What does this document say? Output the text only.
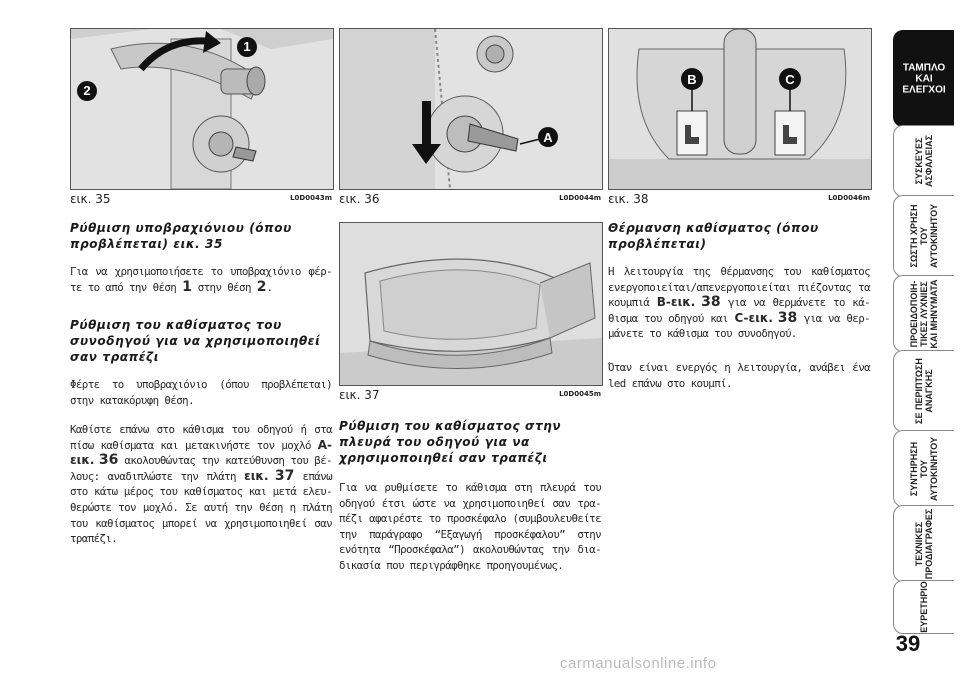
1
2
εικ. 35	L0D0043m
A
εικ. 36	L0D0044m
εικ. 37	L0D0045m
B	C
εικ. 38	L0D0046m

Ρύθμιση υποβραχιόνιου (όπου προβλέπεται) εικ. 35

Για να χρησιμοποιήσετε το υποβραχιόνιο φέρ-τε το από την θέση 1 στην θέση 2.

Ρύθμιση του καθίσματος του συνοδηγού για να χρησιμοποιηθεί σαν τραπέζι

Φέρτε το υποβραχιόνιο (όπου προβλέπεται) στην κατακόρυφη θέση.

Καθίστε επάνω στο κάθισμα του οδηγού ή στα πίσω καθίσματα και μετακινήστε τον μοχλό A-εικ. 36 ακολουθώντας την κατεύθυνση του βέ-λους: αναδιπλώστε την πλάτη εικ. 37 επάνω στο κάτω μέρος του καθίσματος και μετά ελευ-θερώστε τον μοχλό. Σε αυτή την θέση η πλάτη του καθίσματος μπορεί να χρησιμοποιηθεί σαν τραπέζι.

Ρύθμιση του καθίσματος στην πλευρά του οδηγού για να χρησιμοποιηθεί σαν τραπέζι

Για να ρυθμίσετε το κάθισμα στη πλευρά του οδηγού έτσι ώστε να χρησιμοποιηθεί σαν τρα-πέζι αφαιρέστε το προσκέφαλο (συμβουλευθείτε την παράγραφο “Εξαγωγή προσκέφαλου” στην ενότητα “Προσκέφαλα”) ακολουθώντας την δια-δικασία που περιγράφθηκε προηγουμένως.

Θέρμανση καθίσματος (όπου προβλέπεται)

Η λειτουργία της θέρμανσης του καθίσματος ενεργοποιείται/απενεργοποιείται πιέζοντας τα κουμπιά B-εικ. 38 για να θερμάνετε το κά-θισμα του οδηγού και C-εικ. 38 για να θερ-μάνετε το κάθισμα του συνοδηγού.

Όταν είναι ενεργός η λειτουργία, ανάβει ένα led επάνω στο κουμπί.

ΤΑΜΠΛΟ
ΚΑΙ
ΕΛΕΓΧΟΙ
ΣΥΣΚΕΥΕΣ
ΑΣΦΑΛΕΙΑΣ
ΣΩΣΤΗ ΧΡΗΣΗ
ΤΟΥ
ΑΥΤΟΚΙΝΗΤΟΥ
ΠΡΟΕΙΔΟΠΟΙΗ-
ΤΙΚΕΣ ΛΥΧΝΙΕΣ
ΚΑΙ ΜΗΝΥΜΑΤΑ
ΣΕ ΠΕΡΙΠΤΩΣΗ
ΑΝΑΓΚΗΣ
ΣΥΝΤΗΡΗΣΗ
ΤΟΥ
ΑΥΤΟΚΙΝΗΤΟΥ
ΤΕΧΝΙΚΕΣ
ΠΡΟΔΙΑΓΡΑΦΕΣ
ΕΥΡΕΤΗΡΙΟ
39
carmanualsonline.info
